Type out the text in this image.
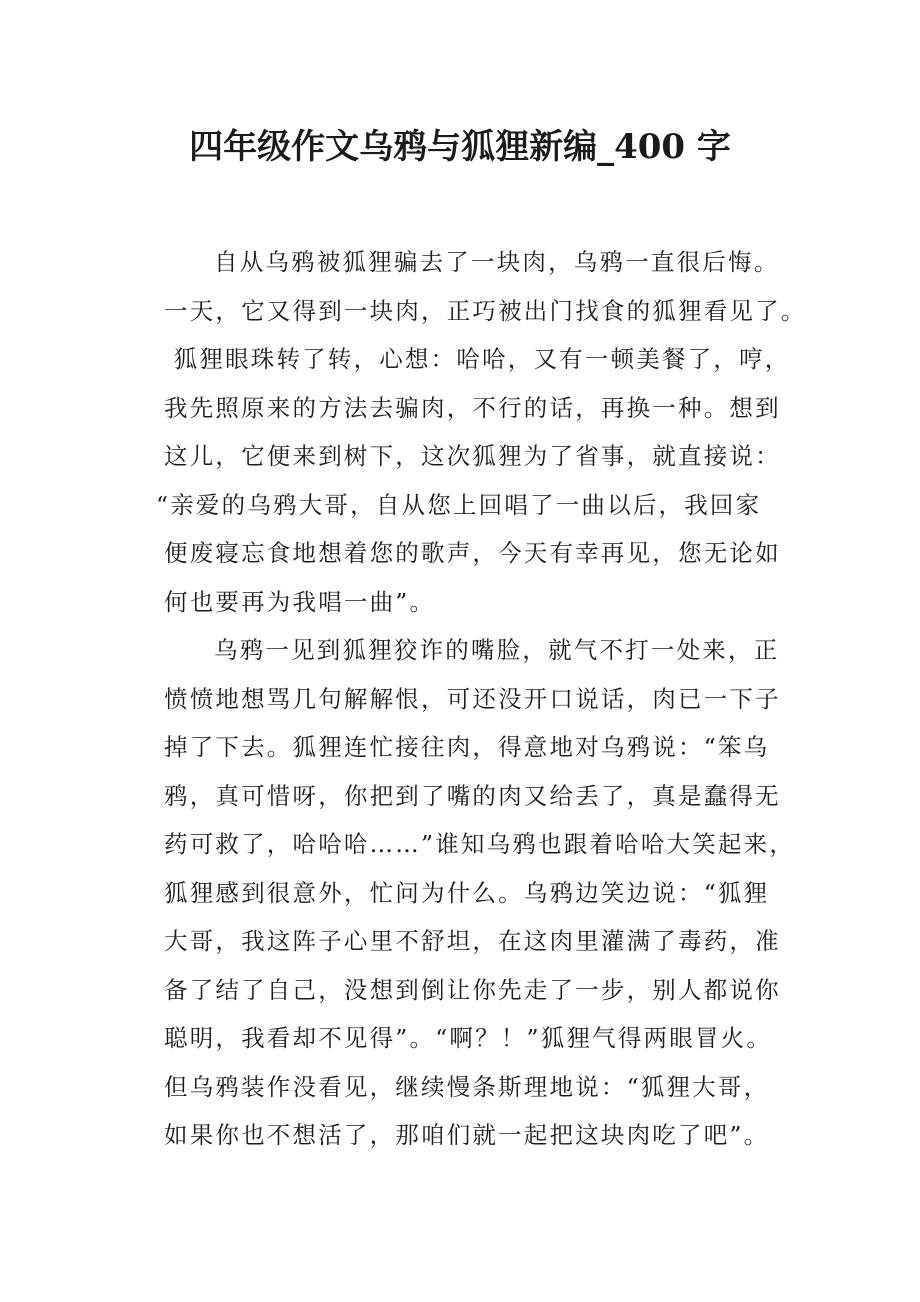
四年级作文乌鸦与狐狸新编_400 字
自从乌鸦被狐狸骗去了一块肉，乌鸦一直很后悔。
一天，它又得到一块肉，正巧被出门找食的狐狸看见了。
狐狸眼珠转了转，心想：哈哈，又有一顿美餐了，哼，
我先照原来的方法去骗肉，不行的话，再换一种。想到
这儿，它便来到树下，这次狐狸为了省事，就直接说：
“亲爱的乌鸦大哥，自从您上回唱了一曲以后，我回家
便废寝忘食地想着您的歌声，今天有幸再见，您无论如
何也要再为我唱一曲”。
乌鸦一见到狐狸狡诈的嘴脸，就气不打一处来，正
愤愤地想骂几句解解恨，可还没开口说话，肉已一下子
掉了下去。狐狸连忙接往肉，得意地对乌鸦说：“笨乌
鸦，真可惜呀，你把到了嘴的肉又给丢了，真是蠢得无
药可救了，哈哈哈……”谁知乌鸦也跟着哈哈大笑起来，
狐狸感到很意外，忙问为什么。乌鸦边笑边说：“狐狸
大哥，我这阵子心里不舒坦，在这肉里灌满了毒药，准
备了结了自己，没想到倒让你先走了一步，别人都说你
聪明，我看却不见得”。“啊？！”狐狸气得两眼冒火。
但乌鸦装作没看见，继续慢条斯理地说：“狐狸大哥，
如果你也不想活了，那咱们就一起把这块肉吃了吧”。
